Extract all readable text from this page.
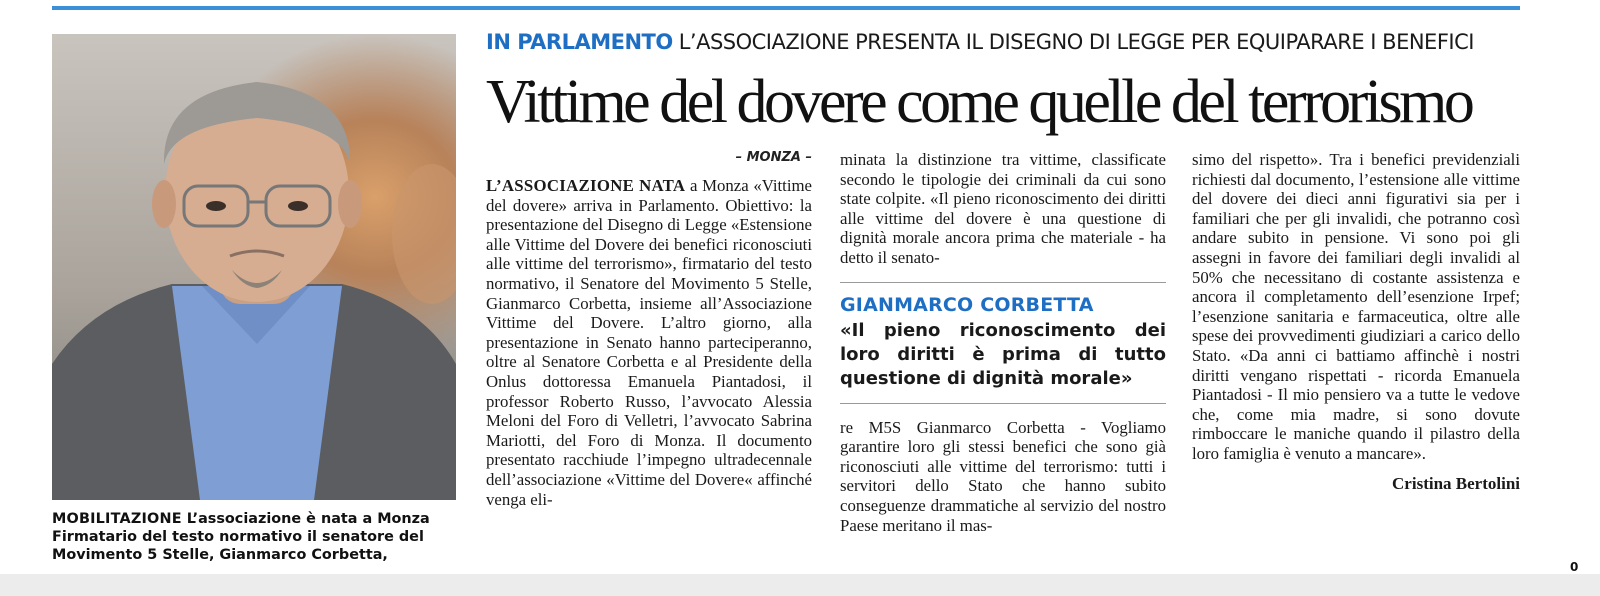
MOBILITAZIONE L’associazione è nata a Monza Firmatario del testo normativo il senatore del Movimento 5 Stelle, Gianmarco Corbetta,
IN PARLAMENTO L’ASSOCIAZIONE PRESENTA IL DISEGNO DI LEGGE PER EQUIPARARE I BENEFICI
Vittime del dovere come quelle del terrorismo
– MONZA –

L’ASSOCIAZIONE NATA a Monza «Vittime del dovere» arriva in Parlamento. Obiettivo: la presentazione del Disegno di Legge «Estensione alle Vittime del Dovere dei benefici riconosciuti alle vittime del terrorismo», firmatario del testo normativo, il Senatore del Movimento 5 Stelle, Gianmarco Corbetta, insieme all’Associazione Vittime del Dovere. L’altro giorno, alla presentazione in Senato hanno parteciperanno, oltre al Senatore Corbetta e al Presidente della Onlus dottoressa Emanuela Piantadosi, il professor Roberto Russo, l’avvocato Alessia Meloni del Foro di Velletri, l’avvocato Sabrina Mariotti, del Foro di Monza. Il documento presentato racchiude l’impegno ultradecennale dell’associazione «Vittime del Dovere« affinché venga eli-

minata la distinzione tra vittime, classificate secondo le tipologie dei criminali da cui sono state colpite. «Il pieno riconoscimento dei diritti alle vittime del dovere è una questione di dignità morale ancora prima che materiale - ha detto il senato-

GIANMARCO CORBETTA
«Il pieno riconoscimento dei loro diritti è prima di tutto questione di dignità morale»

re M5S Gianmarco Corbetta - Vogliamo garantire loro gli stessi benefici che sono già riconosciuti alle vittime del terrorismo: tutti i servitori dello Stato che hanno subito conseguenze drammatiche al servizio del nostro Paese meritano il mas-

simo del rispetto». Tra i benefici previdenziali richiesti dal documento, l’estensione alle vittime del dovere dei dieci anni figurativi sia per i familiari che per gli invalidi, che potranno così andare subito in pensione. Vi sono poi gli assegni in favore dei familiari degli invalidi al 50% che necessitano di costante assistenza e ancora il completamento dell’esenzione Irpef; l’esenzione sanitaria e farmaceutica, oltre alle spese dei provvedimenti giudiziari a carico dello Stato. «Da anni ci battiamo affinchè i nostri diritti vengano rispettati - ricorda Emanuela Piantadosi - Il mio pensiero va a tutte le vedove che, come mia madre, si sono dovute rimboccare le maniche quando il pilastro della loro famiglia è venuto a mancare».

Cristina Bertolini
0
